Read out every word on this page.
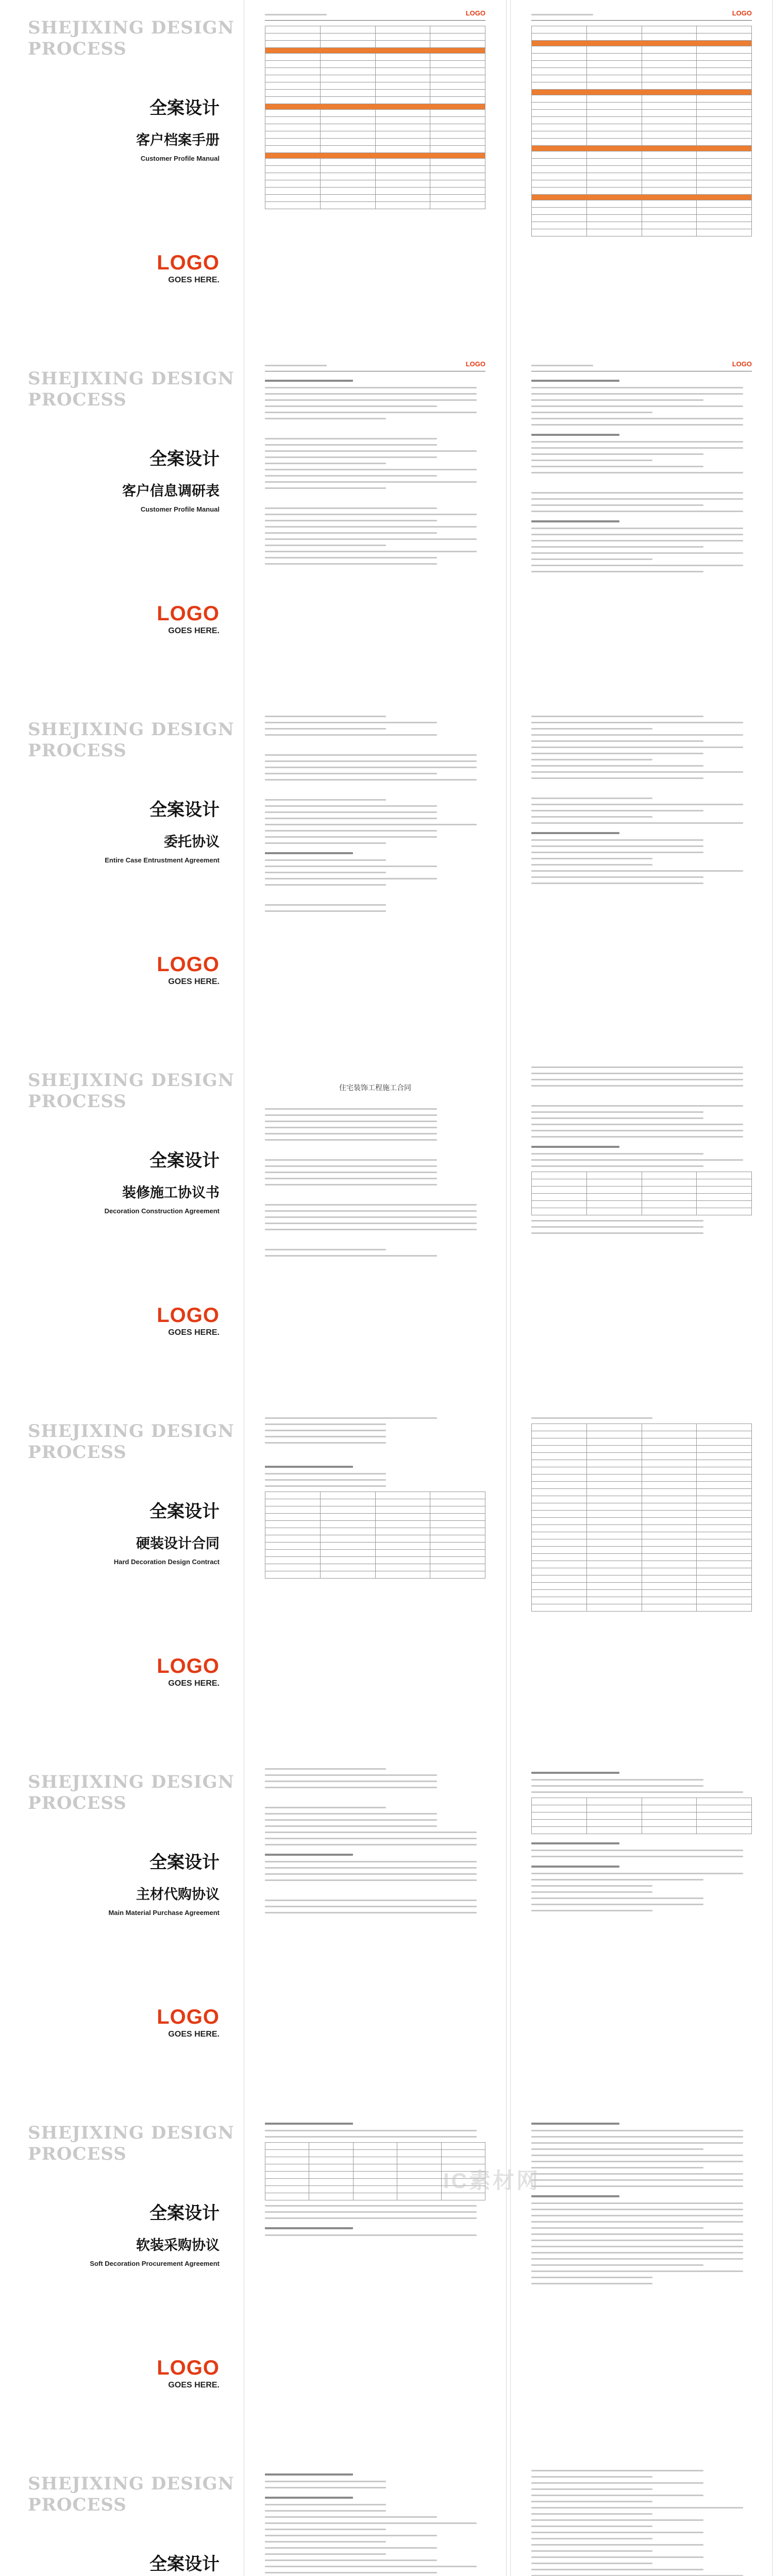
SHEJIXING DESIGN
PROCESS
全案设计
客户档案手册
Customer Profile Manual
LOGO
GOES HERE.
LOGO

				LOGO

SHEJIXING DESIGN
PROCESS
全案设计
客户信息调研表
Customer Profile Manual
LOGO
GOES HERE.
LOGO	LOGO
SHEJIXING DESIGN
PROCESS
全案设计
委托协议
Entire Case Entrustment Agreement
LOGO
GOES HERE.
SHEJIXING DESIGN
PROCESS
全案设计
装修施工协议书
Decoration Construction Agreement
LOGO
GOES HERE.
住宅装饰工程施工合同

SHEJIXING DESIGN
PROCESS
全案设计
硬装设计合同
Hard Decoration Design Contract
LOGO
GOES HERE.

SHEJIXING DESIGN
PROCESS
全案设计
主材代购协议
Main Material Purchase Agreement
LOGO
GOES HERE.

SHEJIXING DESIGN
PROCESS
全案设计
软装采购协议
Soft Decoration Procurement Agreement
LOGO
GOES HERE.

SHEJIXING DESIGN
PROCESS
全案设计

IC素材网
